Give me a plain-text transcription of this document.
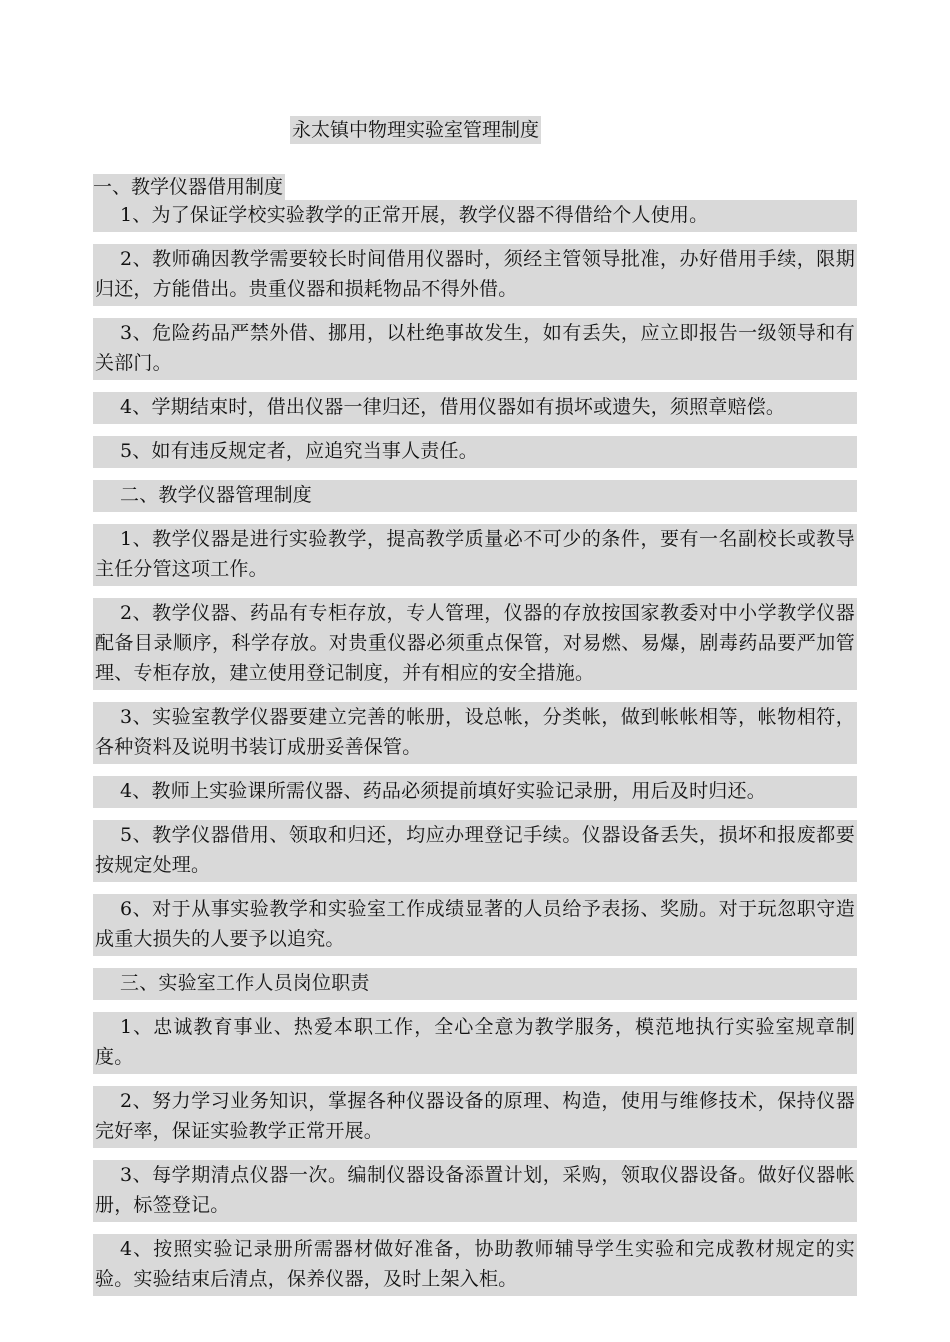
永太镇中物理实验室管理制度
一、教学仪器借用制度

1、为了保证学校实验教学的正常开展，教学仪器不得借给个人使用。

2、教师确因教学需要较长时间借用仪器时，须经主管领导批准，办好借用手续，限期归还，方能借出。贵重仪器和损耗物品不得外借。

3、危险药品严禁外借、挪用，以杜绝事故发生，如有丢失，应立即报告一级领导和有关部门。

4、学期结束时，借出仪器一律归还，借用仪器如有损坏或遗失，须照章赔偿。

5、如有违反规定者，应追究当事人责任。

二、教学仪器管理制度

1、教学仪器是进行实验教学，提高教学质量必不可少的条件，要有一名副校长或教导主任分管这项工作。

2、教学仪器、药品有专柜存放，专人管理，仪器的存放按国家教委对中小学教学仪器配备目录顺序，科学存放。对贵重仪器必须重点保管，对易燃、易爆，剧毒药品要严加管理、专柜存放，建立使用登记制度，并有相应的安全措施。

3、实验室教学仪器要建立完善的帐册，设总帐，分类帐，做到帐帐相等，帐物相符，各种资料及说明书装订成册妥善保管。

4、教师上实验课所需仪器、药品必须提前填好实验记录册，用后及时归还。

5、教学仪器借用、领取和归还，均应办理登记手续。仪器设备丢失，损坏和报废都要按规定处理。

6、对于从事实验教学和实验室工作成绩显著的人员给予表扬、奖励。对于玩忽职守造成重大损失的人要予以追究。

三、实验室工作人员岗位职责

1、忠诚教育事业、热爱本职工作，全心全意为教学服务，模范地执行实验室规章制度。

2、努力学习业务知识，掌握各种仪器设备的原理、构造，使用与维修技术，保持仪器完好率，保证实验教学正常开展。

3、每学期清点仪器一次。编制仪器设备添置计划，采购，领取仪器设备。做好仪器帐册，标签登记。

4、按照实验记录册所需器材做好准备，协助教师辅导学生实验和完成教材规定的实验。实验结束后清点，保养仪器，及时上架入柜。
